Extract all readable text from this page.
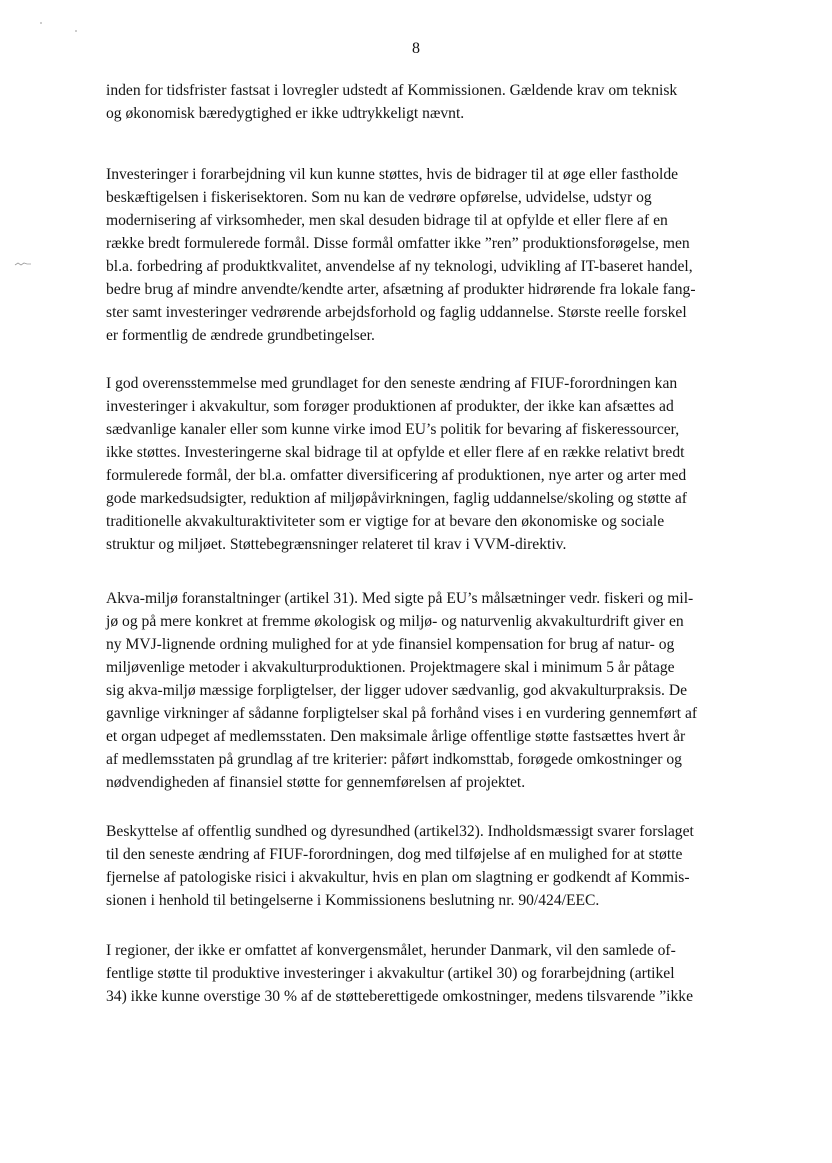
8
inden for tidsfrister fastsat i lovregler udstedt af Kommissionen. Gældende krav om teknisk
og økonomisk bæredygtighed er ikke udtrykkeligt nævnt.
Investeringer i forarbejdning vil kun kunne støttes, hvis de bidrager til at øge eller fastholde
beskæftigelsen i fiskerisektoren. Som nu kan de vedrøre opførelse, udvidelse, udstyr og
modernisering af virksomheder, men skal desuden bidrage til at opfylde et eller flere af en
række bredt formulerede formål. Disse formål omfatter ikke ”ren” produktionsforøgelse, men
bl.a. forbedring af produktkvalitet, anvendelse af ny teknologi, udvikling af IT-baseret handel,
bedre brug af mindre anvendte/kendte arter, afsætning af produkter hidrørende fra lokale fang-
ster samt investeringer vedrørende arbejdsforhold og faglig uddannelse. Største reelle forskel
er formentlig de ændrede grundbetingelser.
I god overensstemmelse med grundlaget for den seneste ændring af FIUF-forordningen kan
investeringer i akvakultur, som forøger produktionen af produkter, der ikke kan afsættes ad
sædvanlige kanaler eller som kunne virke imod EU’s politik for bevaring af fiskeressourcer,
ikke støttes. Investeringerne skal bidrage til at opfylde et eller flere af en række relativt bredt
formulerede formål, der bl.a. omfatter diversificering af produktionen, nye arter og arter med
gode markedsudsigter, reduktion af miljøpåvirkningen, faglig uddannelse/skoling og støtte af
traditionelle akvakulturaktiviteter som er vigtige for at bevare den økonomiske og sociale
struktur og miljøet. Støttebegrænsninger relateret til krav i VVM-direktiv.
Akva-miljø foranstaltninger (artikel 31). Med sigte på EU’s målsætninger vedr. fiskeri og mil-
jø og på mere konkret at fremme økologisk og miljø- og naturvenlig akvakulturdrift giver en
ny MVJ-lignende ordning mulighed for at yde finansiel kompensation for brug af natur- og
miljøvenlige metoder i akvakulturproduktionen. Projektmagere skal i minimum 5 år påtage
sig akva-miljø mæssige forpligtelser, der ligger udover sædvanlig, god akvakulturpraksis. De
gavnlige virkninger af sådanne forpligtelser skal på forhånd vises i en vurdering gennemført af
et organ udpeget af medlemsstaten. Den maksimale årlige offentlige støtte fastsættes hvert år
af medlemsstaten på grundlag af tre kriterier: påført indkomsttab, forøgede omkostninger og
nødvendigheden af finansiel støtte for gennemførelsen af projektet.
Beskyttelse af offentlig sundhed og dyresundhed (artikel32). Indholdsmæssigt svarer forslaget
til den seneste ændring af FIUF-forordningen, dog med tilføjelse af en mulighed for at støtte
fjernelse af patologiske risici i akvakultur, hvis en plan om slagtning er godkendt af Kommis-
sionen i henhold til betingelserne i Kommissionens beslutning nr. 90/424/EEC.
I regioner, der ikke er omfattet af konvergensmålet, herunder Danmark, vil den samlede of-
fentlige støtte til produktive investeringer i akvakultur (artikel 30) og forarbejdning (artikel
34) ikke kunne overstige 30 % af de støtteberettigede omkostninger, medens tilsvarende ”ikke
